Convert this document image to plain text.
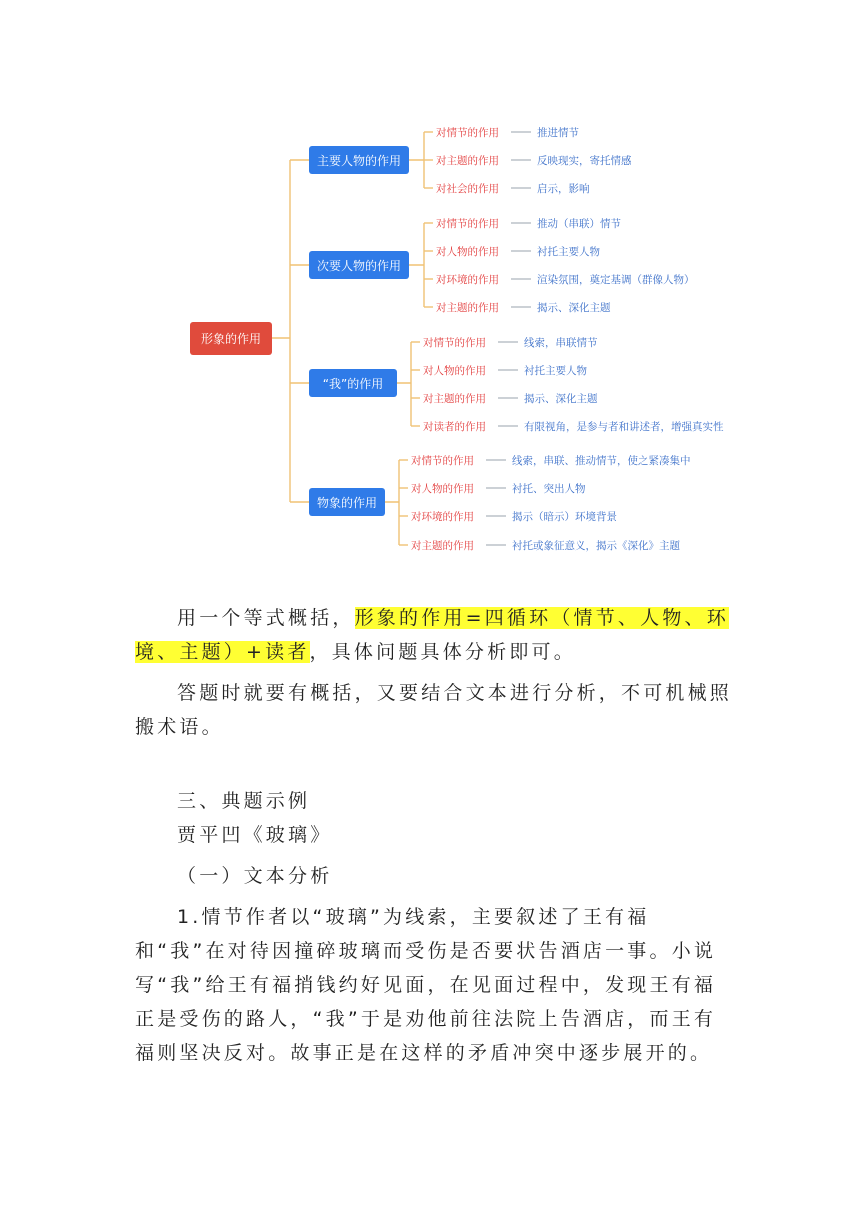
形象的作用
主要人物的作用
对情节的作用	推进情节
对主题的作用	反映现实，寄托情感
对社会的作用	启示，影响
次要人物的作用
对情节的作用	推动（串联）情节
对人物的作用	衬托主要人物
对环境的作用	渲染氛围，奠定基调（群像人物）
对主题的作用	揭示、深化主题
“我”的作用
对情节的作用	线索，串联情节
对人物的作用	衬托主要人物
对主题的作用	揭示、深化主题
对读者的作用	有限视角，是参与者和讲述者，增强真实性
物象的作用
对情节的作用	线索，串联、推动情节，使之紧凑集中
对人物的作用	衬托、突出人物
对环境的作用	揭示（暗示）环境背景
对主题的作用	衬托或象征意义，揭示《深化》主题

用一个等式概括，形象的作用=四循环（情节、人物、环境、主题）+读者，具体问题具体分析即可。

答题时就要有概括，又要结合文本进行分析，不可机械照搬术语。

三、典题示例

贾平凹《玻璃》

（一）文本分析

1.情节作者以“玻璃”为线索，主要叙述了王有福和“我”在对待因撞碎玻璃而受伤是否要状告酒店一事。小说写“我”给王有福捎钱约好见面，在见面过程中，发现王有福正是受伤的路人，“我”于是劝他前往法院上告酒店，而王有福则坚决反对。故事正是在这样的矛盾冲突中逐步展开的。
